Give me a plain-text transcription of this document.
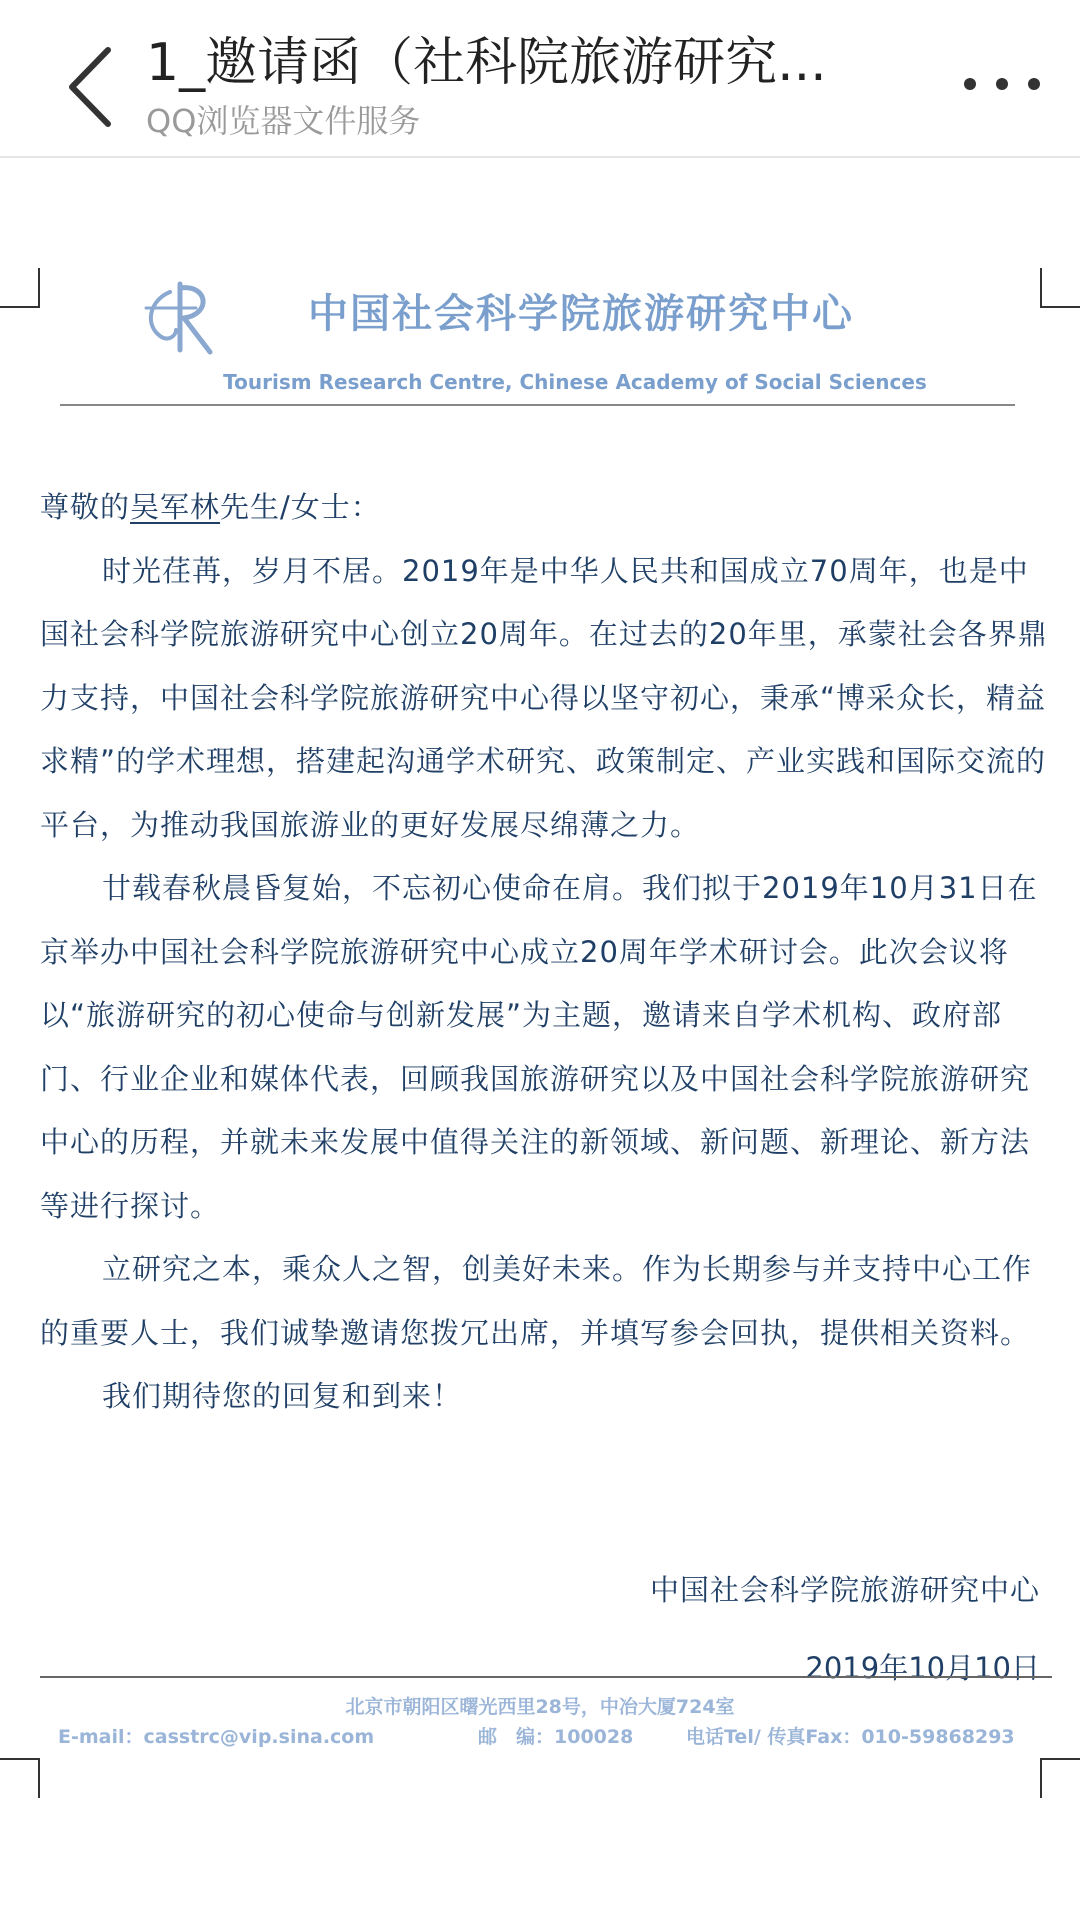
1_邀请函（社科院旅游研究...
QQ浏览器文件服务
中国社会科学院旅游研究中心
Tourism Research Centre, Chinese Academy of Social Sciences

尊敬的吴军林先生/女士：

时光荏苒，岁月不居。2019年是中华人民共和国成立70周年，也是中国社会科学院旅游研究中心创立20周年。在过去的20年里，承蒙社会各界鼎力支持，中国社会科学院旅游研究中心得以坚守初心，秉承“博采众长，精益求精”的学术理想，搭建起沟通学术研究、政策制定、产业实践和国际交流的平台，为推动我国旅游业的更好发展尽绵薄之力。

廿载春秋晨昏复始，不忘初心使命在肩。我们拟于2019年10月31日在京举办中国社会科学院旅游研究中心成立20周年学术研讨会。此次会议将以“旅游研究的初心使命与创新发展”为主题，邀请来自学术机构、政府部门、行业企业和媒体代表，回顾我国旅游研究以及中国社会科学院旅游研究中心的历程，并就未来发展中值得关注的新领域、新问题、新理论、新方法等进行探讨。

立研究之本，乘众人之智，创美好未来。作为长期参与并支持中心工作的重要人士，我们诚挚邀请您拨冗出席，并填写参会回执，提供相关资料。

我们期待您的回复和到来！

中国社会科学院旅游研究中心
2019年10月10日
北京市朝阳区曙光西里28号，中冶大厦724室
E-mail：casstrc@vip.sina.com	邮　编：100028	电话Tel/ 传真Fax：010-59868293
